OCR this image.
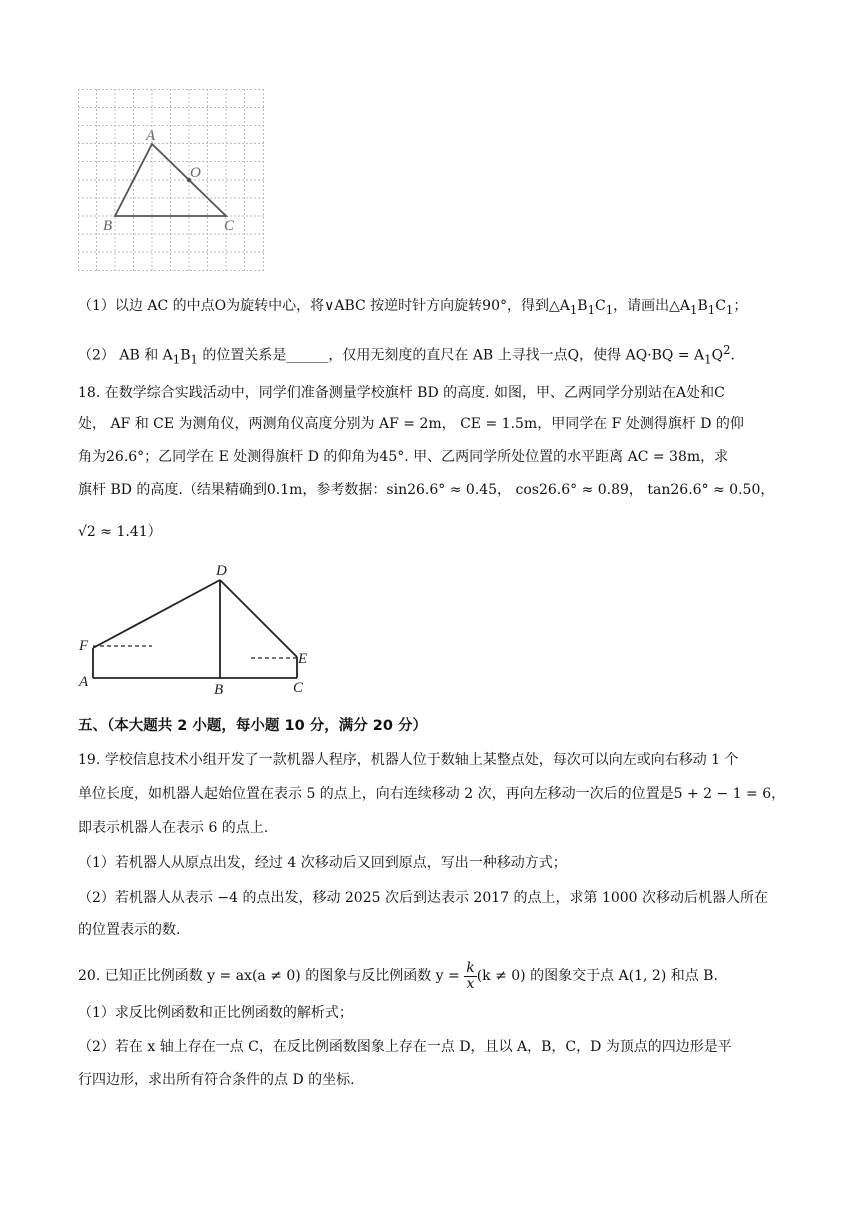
A
O
B	C
（1）以边 AC 的中点O为旋转中心，将∨ABC 按逆时针方向旋转90°，得到$\triangle A_1B_1C_1$，请画出$\triangle A_1B_1C_1$；
（2） AB 和 $A_1B_1$ 的位置关系是______，仅用无刻度的直尺在 AB 上寻找一点Q，使得 $AQ\cdot BQ = A_1Q^2$.
18. 在数学综合实践活动中，同学们准备测量学校旗杆 BD 的高度. 如图，甲、乙两同学分别站在A处和C
处， AF 和 CE 为测角仪，两测角仪高度分别为 AF = 2m， CE = 1.5m，甲同学在 F 处测得旗杆 D 的仰
角为26.6°；乙同学在 E 处测得旗杆 D 的仰角为45°. 甲、乙两同学所处位置的水平距离 AC = 38m，求
旗杆 BD 的高度.（结果精确到0.1m，参考数据：sin26.6° ≈ 0.45， cos26.6° ≈ 0.89， tan26.6° ≈ 0.50，
√2 ≈ 1.41）
D
F
E
A	B	C
五、（本大题共 2 小题，每小题 10 分，满分 20 分）
19. 学校信息技术小组开发了一款机器人程序，机器人位于数轴上某整点处，每次可以向左或向右移动 1 个
单位长度，如机器人起始位置在表示 5 的点上，向右连续移动 2 次，再向左移动一次后的位置是5 + 2 − 1 = 6，
即表示机器人在表示 6 的点上.
（1）若机器人从原点出发，经过 4 次移动后又回到原点，写出一种移动方式；
（2）若机器人从表示 −4 的点出发，移动 2025 次后到达表示 2017 的点上，求第 1000 次移动后机器人所在
的位置表示的数.
20. 已知正比例函数 y = ax(a ≠ 0) 的图象与反比例函数 $y = \frac{k}{x} (k \ne 0)$ 的图象交于点 A(1, 2) 和点 B.
（1）求反比例函数和正比例函数的解析式；
（2）若在 x 轴上存在一点 C，在反比例函数图象上存在一点 D，且以 A，B，C，D 为顶点的四边形是平
行四边形，求出所有符合条件的点 D 的坐标.
